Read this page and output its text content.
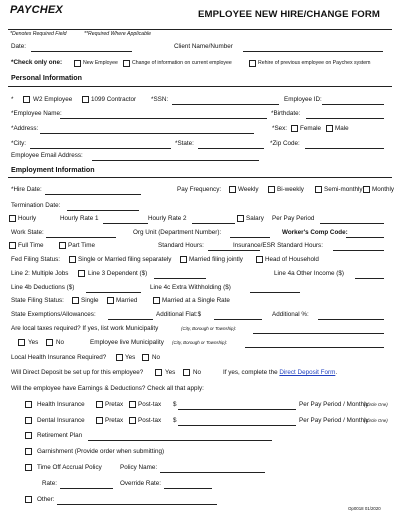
PAYCHEX	EMPLOYEE NEW HIRE/CHANGE FORM
*Denotes Required Field	**Required Where Applicable
Date:	Client Name/Number
*Check only one:	New Employee	Change of information on current employee	Rehire of previous employee on Paychex system
Personal Information
*	W2 Employee	1099 Contractor *SSN:	Employee ID:
*Employee Name:	*Birthdate:
*Address:	*Sex: Female Male
*City:	*State:	*Zip Code:
Employee Email Address:
Employment Information
*Hire Date:	Pay Frequency:	Weekly	Bi-weekly	Semi-monthly Monthly
Termination Date:
Hourly	Hourly Rate 1	Hourly Rate 2	Salary Per Pay Period
Work State:	Org Unit (Department Number):	Worker's Comp Code:
Full Time	Part Time	Standard Hours:	Insurance/ESR Standard Hours:
Fed Filing Status:	Single or Married filing separately	Married filing jointly	Head of Household
Line 2: Multiple Jobs	Line 3 Dependent ($)	Line 4a Other Income ($)
Line 4b Deductions ($)	Line 4c Extra Withholding ($)
State Filing Status:	Single	Married	Married at a Single Rate
State Exemptions/Allowances:	Additional Flat:$	Additional %:
Are local taxes required? If yes, list work Municipality	(City, Borough or Township):
Yes	No	Employee live Municipality (City, Borough or Township):
Local Health Insurance Required?	Yes	No
Will Direct Deposit be set up for this employee?	Yes	No	If yes, complete the Direct Deposit Form.
Will the employee have Earnings & Deductions? Check all that apply:
Health Insurance	Pretax Post-tax $	Per Pay Period / Monthly
(Circle One)
Dental Insurance	Pretax Post-tax $	Per Pay Period / Monthly
(Circle One)
Retirement Plan
Garnishment (Provide order when submitting)
Time Off Accrual Policy	Policy Name:
Rate:	Override Rate:
Other:
Op0018 01/2020
